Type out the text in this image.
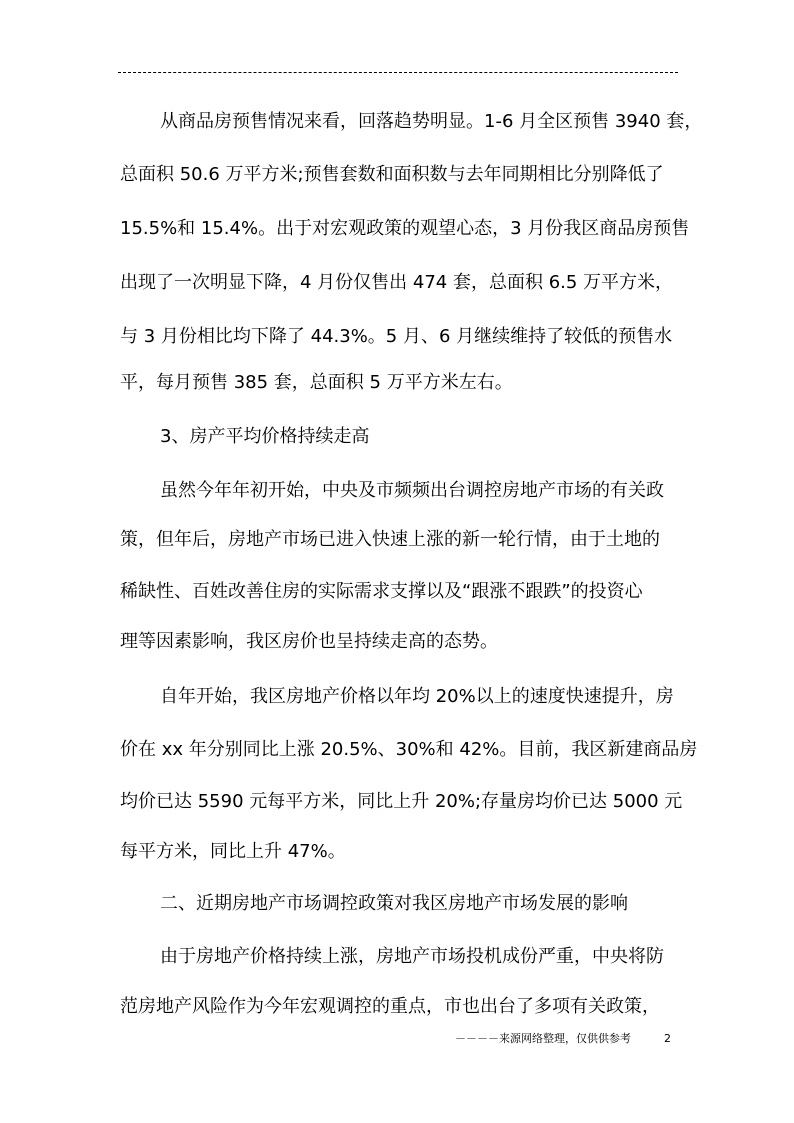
从商品房预售情况来看，回落趋势明显。1-6 月全区预售 3940 套，
总面积 50.6 万平方米;预售套数和面积数与去年同期相比分别降低了
15.5%和 15.4%。出于对宏观政策的观望心态，3 月份我区商品房预售
出现了一次明显下降，4 月份仅售出 474 套，总面积 6.5 万平方米，
与 3 月份相比均下降了 44.3%。5 月、6 月继续维持了较低的预售水
平，每月预售 385 套，总面积 5 万平方米左右。
3、房产平均价格持续走高
虽然今年年初开始，中央及市频频出台调控房地产市场的有关政
策，但年后，房地产市场已进入快速上涨的新一轮行情，由于土地的
稀缺性、百姓改善住房的实际需求支撑以及“跟涨不跟跌”的投资心
理等因素影响，我区房价也呈持续走高的态势。
自年开始，我区房地产价格以年均 20%以上的速度快速提升，房
价在 xx 年分别同比上涨 20.5%、30%和 42%。目前，我区新建商品房
均价已达 5590 元每平方米，同比上升 20%;存量房均价已达 5000 元
每平方米，同比上升 47%。
二、近期房地产市场调控政策对我区房地产市场发展的影响
由于房地产价格持续上涨，房地产市场投机成份严重，中央将防
范房地产风险作为今年宏观调控的重点，市也出台了多项有关政策，
－－－－来源网络整理，仅供供参考	2
